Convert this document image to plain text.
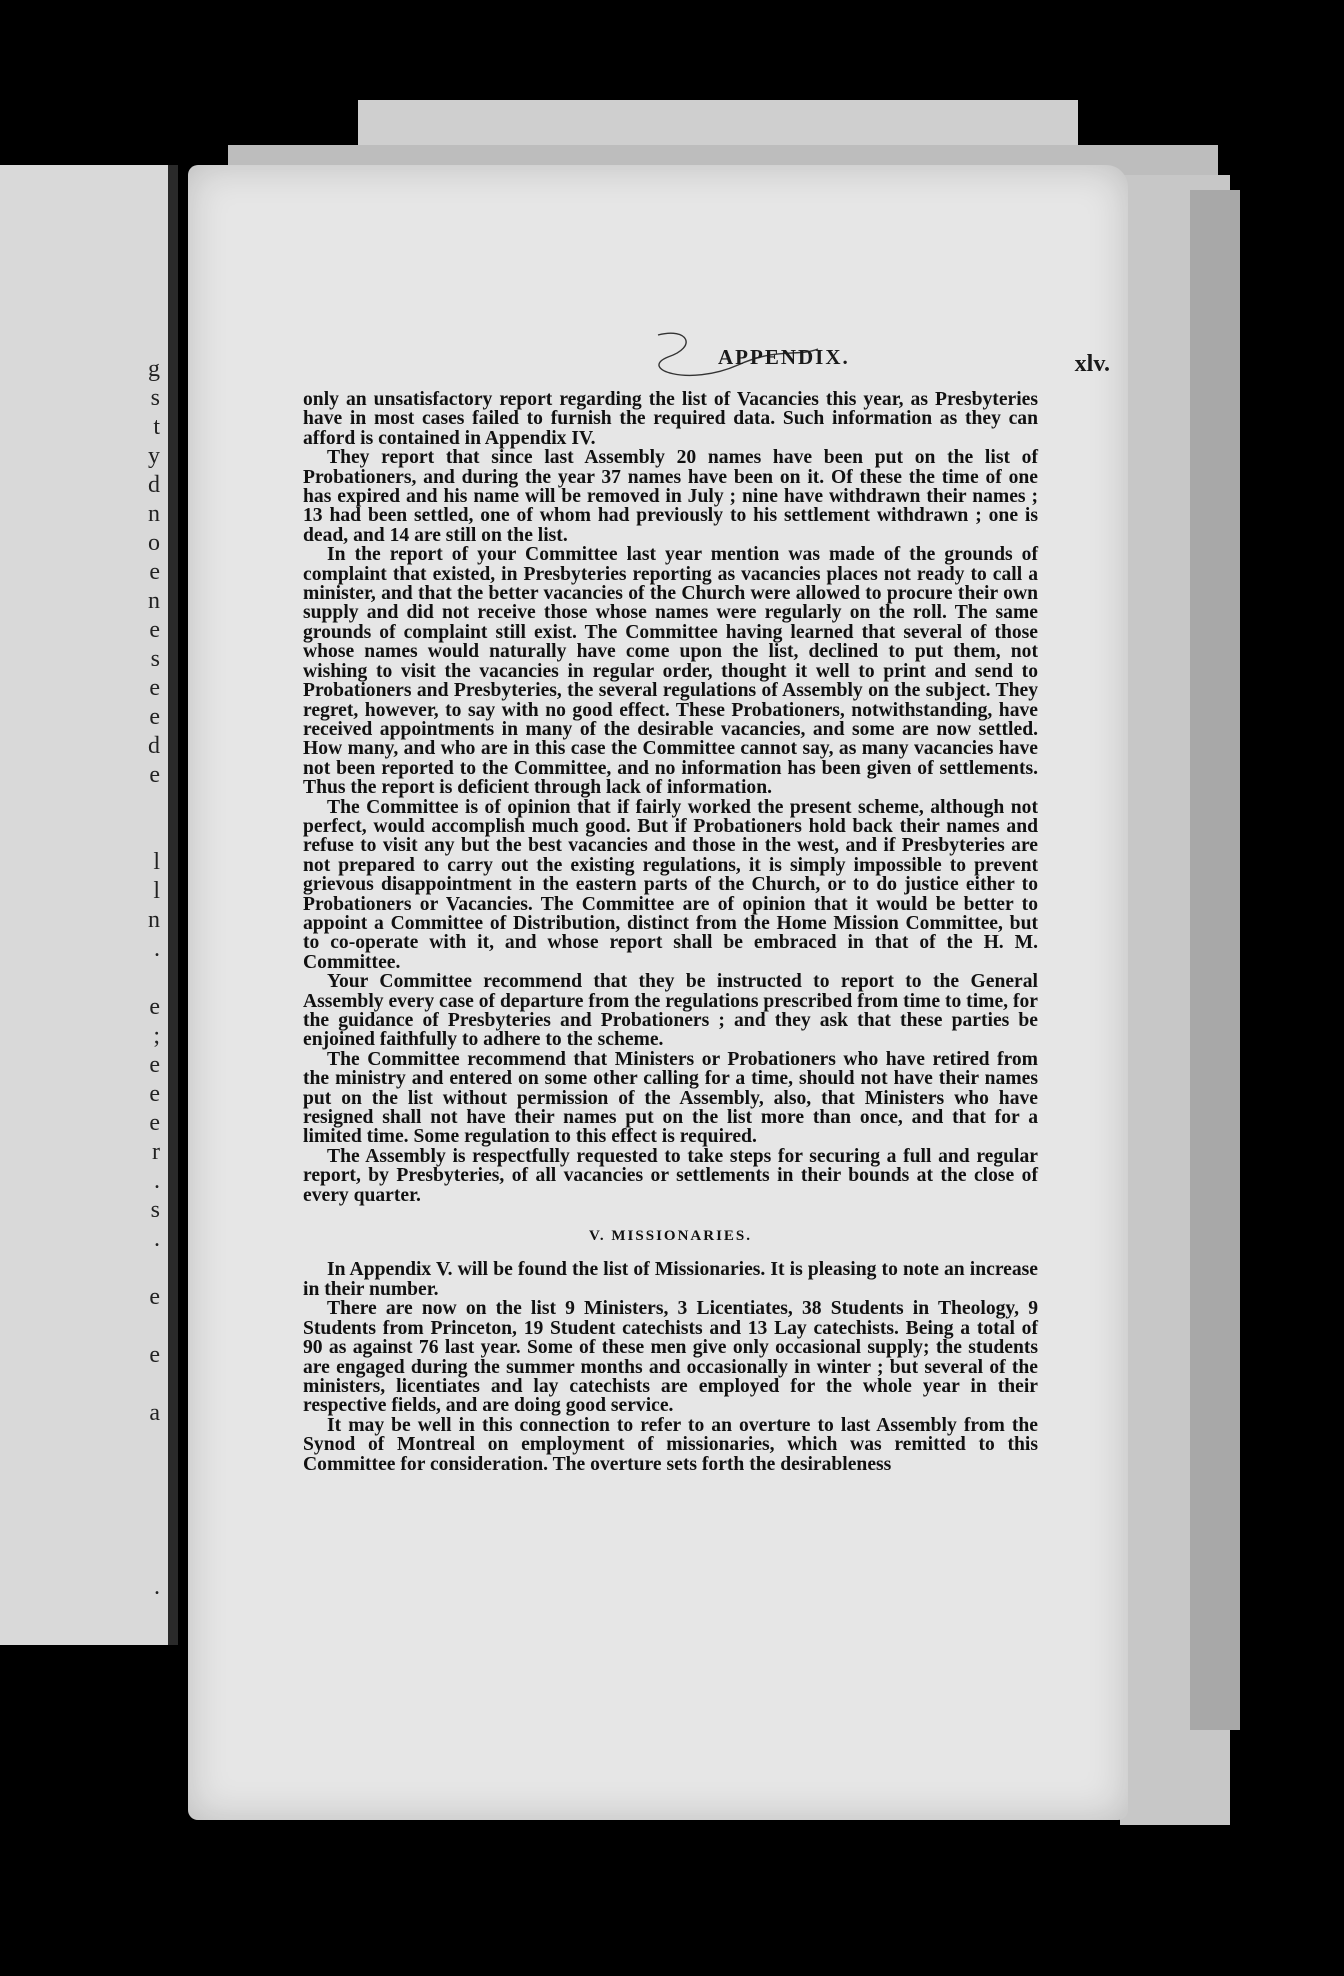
g
s
t
y
d
n
o
e
n
e
s
e
e
d
e

l
l
n
.

e
;
e
e
e
r
.
s
.

e

e

a

.
APPENDIX.	xlv.

only an unsatisfactory report regarding the list of Vacancies this year, as Presbyteries have in most cases failed to furnish the required data. Such information as they can afford is contained in Appendix IV.

They report that since last Assembly 20 names have been put on the list of Probationers, and during the year 37 names have been on it. Of these the time of one has expired and his name will be removed in July ; nine have withdrawn their names ; 13 had been settled, one of whom had previously to his settlement withdrawn ; one is dead, and 14 are still on the list.

In the report of your Committee last year mention was made of the grounds of complaint that existed, in Presbyteries reporting as vacancies places not ready to call a minister, and that the better vacancies of the Church were allowed to procure their own supply and did not receive those whose names were regularly on the roll. The same grounds of complaint still exist. The Committee having learned that several of those whose names would naturally have come upon the list, declined to put them, not wishing to visit the vacancies in regular order, thought it well to print and send to Probationers and Presbyteries, the several regulations of Assembly on the subject. They regret, however, to say with no good effect. These Probationers, notwithstanding, have received appointments in many of the desirable vacancies, and some are now settled. How many, and who are in this case the Committee cannot say, as many vacancies have not been reported to the Committee, and no information has been given of settlements. Thus the report is deficient through lack of information.

The Committee is of opinion that if fairly worked the present scheme, although not perfect, would accomplish much good. But if Probationers hold back their names and refuse to visit any but the best vacancies and those in the west, and if Presbyteries are not prepared to carry out the existing regulations, it is simply impossible to prevent grievous disappointment in the eastern parts of the Church, or to do justice either to Probationers or Vacancies. The Committee are of opinion that it would be better to appoint a Committee of Distribution, distinct from the Home Mission Committee, but to co-operate with it, and whose report shall be embraced in that of the H. M. Committee.

Your Committee recommend that they be instructed to report to the General Assembly every case of departure from the regulations prescribed from time to time, for the guidance of Presbyteries and Probationers ; and they ask that these parties be enjoined faithfully to adhere to the scheme.

The Committee recommend that Ministers or Probationers who have retired from the ministry and entered on some other calling for a time, should not have their names put on the list without permission of the Assembly, also, that Ministers who have resigned shall not have their names put on the list more than once, and that for a limited time. Some regulation to this effect is required.

The Assembly is respectfully requested to take steps for securing a full and regular report, by Presbyteries, of all vacancies or settlements in their bounds at the close of every quarter.

V. MISSIONARIES.

In Appendix V. will be found the list of Missionaries. It is pleasing to note an increase in their number.

There are now on the list 9 Ministers, 3 Licentiates, 38 Students in Theology, 9 Students from Princeton, 19 Student catechists and 13 Lay catechists. Being a total of 90 as against 76 last year. Some of these men give only occasional supply; the students are engaged during the summer months and occasionally in winter ; but several of the ministers, licentiates and lay catechists are employed for the whole year in their respective fields, and are doing good service.

It may be well in this connection to refer to an overture to last Assembly from the Synod of Montreal on employment of missionaries, which was remitted to this Committee for consideration. The overture sets forth the desirableness
